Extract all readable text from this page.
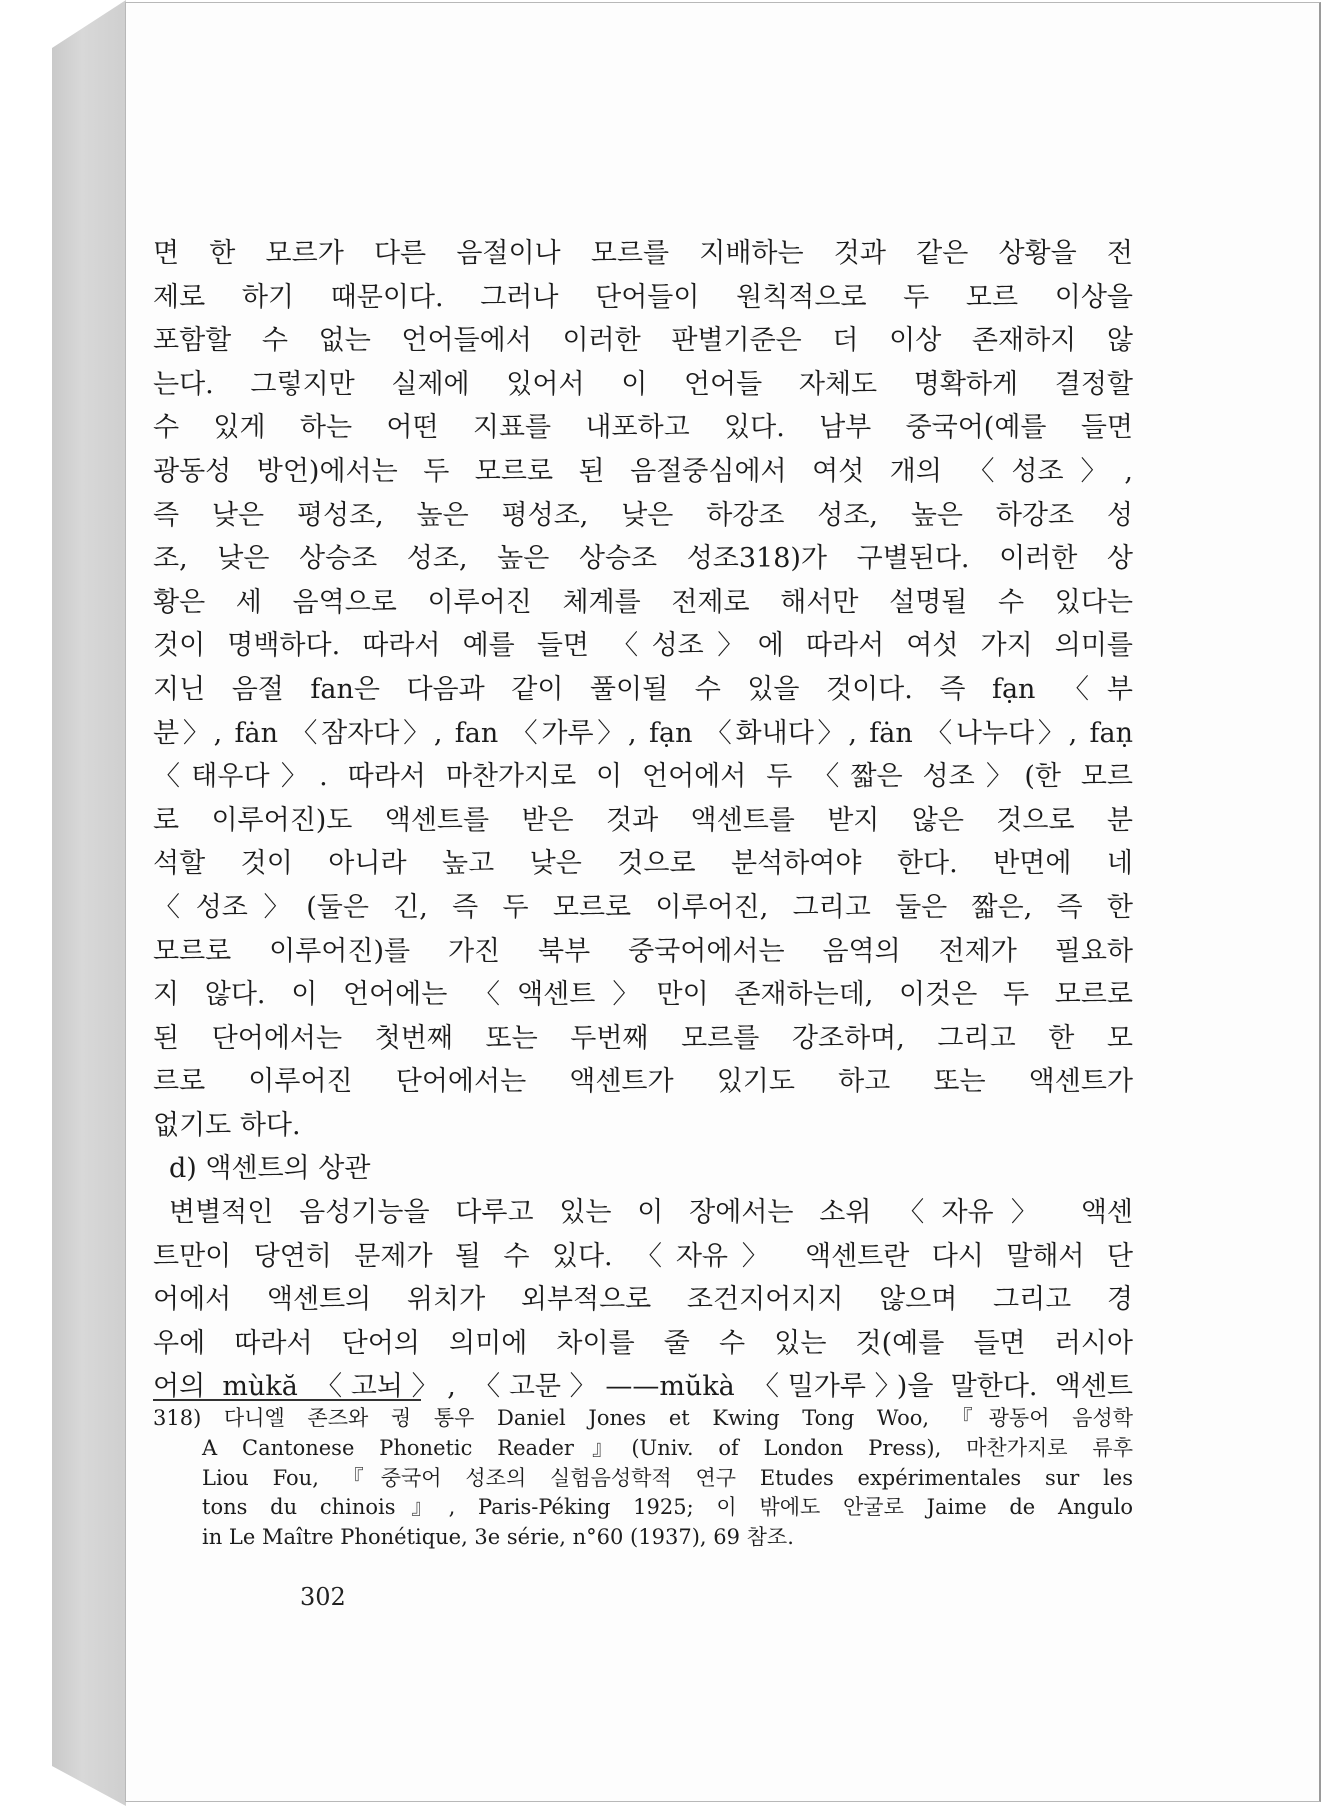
면 한 모르가 다른 음절이나 모르를 지배하는 것과 같은 상황을 전
제로 하기 때문이다. 그러나 단어들이 원칙적으로 두 모르 이상을
포함할 수 없는 언어들에서 이러한 판별기준은 더 이상 존재하지 않
는다. 그렇지만 실제에 있어서 이 언어들 자체도 명확하게 결정할
수 있게 하는 어떤 지표를 내포하고 있다. 남부 중국어(예를 들면
광동성 방언)에서는 두 모르로 된 음절중심에서 여섯 개의 〈성조〉,
즉 낮은 평성조, 높은 평성조, 낮은 하강조 성조, 높은 하강조 성
조, 낮은 상승조 성조, 높은 상승조 성조318)가 구별된다. 이러한 상
황은 세 음역으로 이루어진 체계를 전제로 해서만 설명될 수 있다는
것이 명백하다. 따라서 예를 들면 〈성조〉에 따라서 여섯 가지 의미를
지닌 음절 fan은 다음과 같이 풀이될 수 있을 것이다. 즉 fạn 〈부
분〉, fȧn 〈잠자다〉, fan 〈가루〉, fạn 〈화내다〉, fȧn 〈나누다〉, faṇ
〈태우다〉. 따라서 마찬가지로 이 언어에서 두 〈짧은 성조〉(한 모르
로 이루어진)도 액센트를 받은 것과 액센트를 받지 않은 것으로 분
석할 것이 아니라 높고 낮은 것으로 분석하여야 한다. 반면에 네
〈성조〉(둘은 긴, 즉 두 모르로 이루어진, 그리고 둘은 짧은, 즉 한
모르로 이루어진)를 가진 북부 중국어에서는 음역의 전제가 필요하
지 않다. 이 언어에는 〈액센트〉만이 존재하는데, 이것은 두 모르로
된 단어에서는 첫번째 또는 두번째 모르를 강조하며, 그리고 한 모
르로 이루어진 단어에서는 액센트가 있기도 하고 또는 액센트가
없기도 하다.
d) 액센트의 상관
변별적인 음성기능을 다루고 있는 이 장에서는 소위 〈자유〉 액센
트만이 당연히 문제가 될 수 있다. 〈자유〉 액센트란 다시 말해서 단
어에서 액센트의 위치가 외부적으로 조건지어지지 않으며 그리고 경
우에 따라서 단어의 의미에 차이를 줄 수 있는 것(예를 들면 러시아
어의 mùkă 〈고뇌〉, 〈고문〉——mŭkà 〈밀가루〉)을 말한다. 액센트
318) 다니엘 존즈와 궝 통우 Daniel Jones et Kwing Tong Woo, 『광동어 음성학
A Cantonese Phonetic Reader』(Univ. of London Press), 마찬가지로 류후
Liou Fou, 『중국어 성조의 실험음성학적 연구 Etudes expérimentales sur les
tons du chinois』, Paris-Péking 1925; 이 밖에도 안굴로 Jaime de Angulo
in Le Maître Phonétique, 3e série, n°60 (1937), 69 참조.
302
